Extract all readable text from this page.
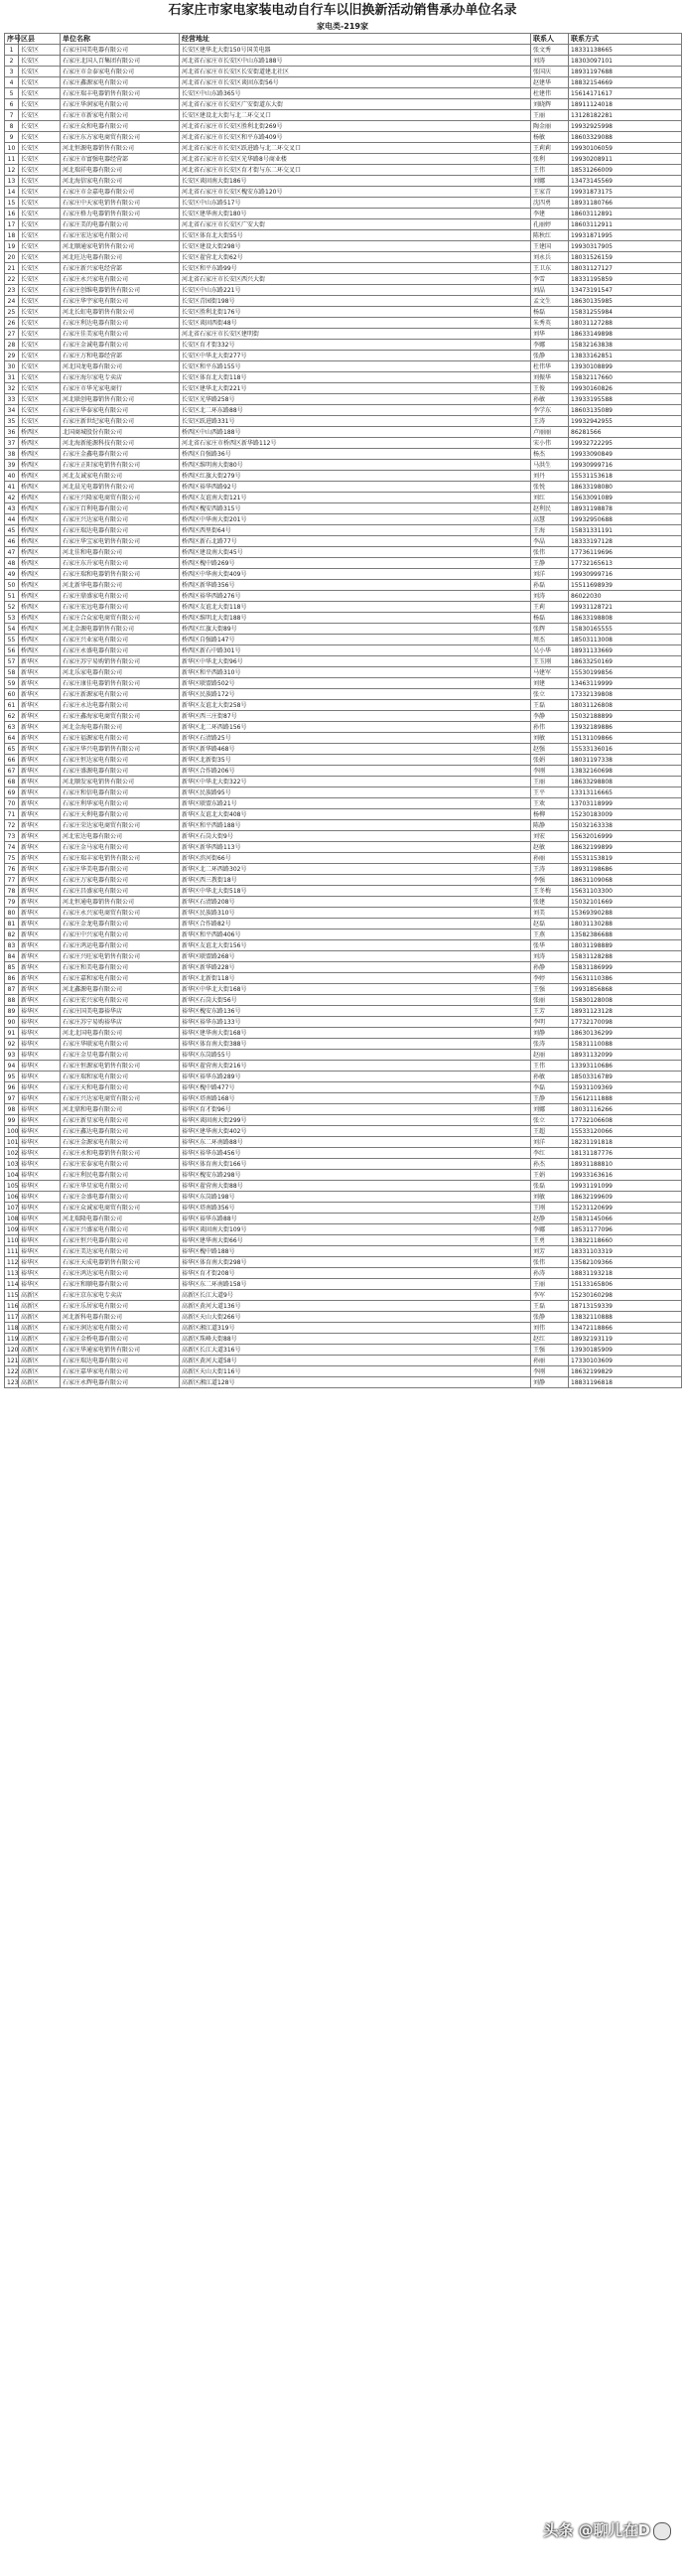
石家庄市家电家装电动自行车以旧换新活动销售承办单位名录
家电类-219家
序号	区县	单位名称	经营地址	联系人	联系方式
1	长安区	石家庄国美电器有限公司	长安区建华北大街150号国美电器	张文秀	18331138665
2	长安区	石家庄北国人百集团有限公司	河北省石家庄市长安区中山东路188号	刘涛	18303097101
3	长安区	石家庄市金泰家电有限公司	河北省石家庄市长安区长安街道建北社区	张国庆	18931197688
4	长安区	石家庄鑫源家电有限公司	河北省石家庄市长安区谈固东街56号	赵建华	18832154669
5	长安区	石家庄瑞丰电器销售有限公司	长安区中山东路365号	杜建伟	15614171617
6	长安区	石家庄华润家电有限公司	河北省石家庄市长安区广安街道东大街	刘晓辉	18911124018
7	长安区	石家庄市新家电有限公司	长安区建设北大街与北二环交叉口	王丽	13128182281
8	长安区	石家庄众和电器有限公司	河北省石家庄市长安区胜利北街269号	陶金丽	19932925998
9	长安区	石家庄东方家电商贸有限公司	河北省石家庄市长安区和平东路409号	杨敏	18603329088
10	长安区	河北恒源电器销售有限公司	河北省石家庄市长安区跃进路与北二环交叉口	王莉莉	19930106059
11	长安区	石家庄市富强电器经营部	河北省石家庄市长安区光华路8号商业楼	张利	19930208911
12	长安区	河北瑞祥电器有限公司	河北省石家庄市长安区育才街与东二环交叉口	王伟	18531266009
13	长安区	河北海信家电有限公司	长安区谈固南大街186号	刘娜	13473145569
14	长安区	石家庄市金嘉电器有限公司	河北省石家庄市长安区槐安东路120号	王家青	19931873175
15	长安区	石家庄中天家电销售有限公司	长安区中山东路517号	沈四勇	18931180766
16	长安区	石家庄格力电器销售有限公司	长安区建华南大街180号	李建	18603112891
17	长安区	石家庄美的电器有限公司	河北省石家庄市长安区广安大街	孔丽婷	18603112911
18	长安区	石家庄宏达家电有限公司	长安区体育北大街55号	陈秋红	19931871995
19	长安区	河北顺通家电销售有限公司	长安区建设大街298号	王建国	19930317905
20	长安区	河北旺达电器有限公司	长安区翟营北大街62号	刘永兵	18031526159
21	长安区	石家庄新兴家电经营部	长安区和平东路99号	王卫东	18031127127
22	长安区	石家庄永兴家电有限公司	河北省石家庄市长安区西兴大街	李雪	18331195859
23	长安区	石家庄创维电器销售有限公司	长安区中山东路221号	刘晶	13473191547
24	长安区	石家庄华宇家电有限公司	长安区青园街198号	孟文生	18630135985
25	长安区	河北长虹电器销售有限公司	长安区胜利北街176号	杨磊	15831255984
26	长安区	石家庄利达电器有限公司	长安区谈固西街48号	朱秀英	18031127288
27	长安区	石家庄佳美家电有限公司	河北省石家庄市长安区建明街	刘华	18633149898
28	长安区	石家庄金诚电器有限公司	长安区育才街332号	李娜	15832163838
29	长安区	石家庄万和电器经营部	长安区中华北大街277号	张静	13833162851
30	长安区	河北国龙电器有限公司	长安区和平东路155号	杜伟华	13930108899
31	长安区	石家庄海尔家电专卖店	长安区体育北大街118号	刘振华	15832117660
32	长安区	石家庄市华光家电商行	长安区建华北大街221号	王俊	19930160826
33	长安区	河北联创电器销售有限公司	长安区光华路258号	孙敏	13933195588
34	长安区	石家庄华泰家电有限公司	长安区北二环东路88号	李学东	18603135089
35	长安区	石家庄新世纪家电有限公司	长安区跃进路331号	王涛	19932942955
36	桥西区	北国商城股份有限公司	桥西区中山西路188号	卢丽丽	86281566
37	桥西区	河北海新能源科技有限公司	河北省石家庄市桥西区新华路112号	宋小伟	19932722295
38	桥西区	石家庄金鑫电器有限公司	桥西区自强路36号	杨杰	19933090849
39	桥西区	石家庄正阳家电销售有限公司	桥西区维明南大街80号	马洪生	19930999716
40	桥西区	河北友诚家电有限公司	桥西区红旗大街279号	刘丹	15531153618
41	桥西区	河北晨光电器销售有限公司	桥西区裕华西路92号	张悦	18633198080
42	桥西区	石家庄兴隆家电商贸有限公司	桥西区友谊南大街121号	刘红	15633091089
43	桥西区	石家庄百利电器有限公司	桥西区槐安西路315号	赵利民	18931198878
44	桥西区	石家庄兴达家电有限公司	桥西区中华南大街201号	高慧	19932950688
45	桥西区	石家庄瑞达电器有限公司	桥西区西里街64号	王海	15831331191
46	桥西区	石家庄华宝家电销售有限公司	桥西区新石北路77号	李晶	18333197128
47	桥西区	河北佳和电器有限公司	桥西区建设南大街45号	张伟	17736119696
48	桥西区	石家庄东升家电有限公司	桥西区槐中路269号	王静	17732165613
49	桥西区	石家庄瑞和电器销售有限公司	桥西区中华南大街409号	刘洋	19930999716
50	桥西区	河北新华电器有限公司	桥西区新华路356号	孙磊	15511698939
51	桥西区	石家庄鼎盛家电有限公司	桥西区裕华西路276号	刘涛	86022030
52	桥西区	石家庄宏远电器有限公司	桥西区友谊北大街118号	王莉	19931128721
53	桥西区	石家庄合众家电商贸有限公司	桥西区维明北大街188号	杨磊	18633198808
54	桥西区	河北金源电器销售有限公司	桥西区红旗大街89号	张辉	15830165555
55	桥西区	石家庄兴业家电有限公司	桥西区自强路147号	周杰	18503113008
56	桥西区	石家庄永盛电器有限公司	桥西区新石中路301号	吴小华	18931133669
57	新华区	石家庄苏宁易购销售有限公司	新华区中华北大街96号	王玉刚	18633250169
58	新华区	河北乐家电器有限公司	新华区和平西路310号	马建军	15530199856
59	新华区	石家庄康佳电器销售有限公司	新华区联盟路502号	刘建	13463119999
60	新华区	石家庄新源家电有限公司	新华区民族路172号	张立	17332139808
61	新华区	石家庄永达电器有限公司	新华区友谊北大街258号	王磊	18031126808
62	新华区	石家庄鑫海家电商贸有限公司	新华区西三庄街87号	李静	15032188899
63	新华区	河北金海电器有限公司	新华区北二环西路156号	孙伟	13932189886
64	新华区	石家庄福源家电有限公司	新华区石清路25号	刘敏	15131109866
65	新华区	石家庄华兴电器销售有限公司	新华区新华路468号	赵强	15533136016
66	新华区	石家庄恒达家电有限公司	新华区北新街35号	张娟	18031197338
67	新华区	石家庄盛源电器有限公司	新华区合作路206号	李刚	13832160698
68	新华区	河北顺发家电销售有限公司	新华区中华北大街322号	王丽	18633298808
69	新华区	石家庄和信电器有限公司	新华区民族路95号	王平	13313116665
70	新华区	石家庄利华家电有限公司	新华区联盟东路21号	王欢	13703118999
71	新华区	石家庄天利电器有限公司	新华区友谊北大街408号	杨柳	15230183009
72	新华区	石家庄荣达家电商贸有限公司	新华区和平西路188号	陈静	15032163338
73	新华区	河北宏达电器有限公司	新华区石岗大街9号	刘宏	15632016999
74	新华区	石家庄金马家电有限公司	新华区新华西路113号	赵敏	18632199899
75	新华区	石家庄瑞丰家电销售有限公司	新华区滨河街66号	孙丽	15531153819
76	新华区	石家庄华美电器有限公司	新华区北二环西路302号	王涛	18931198686
77	新华区	石家庄万家电器有限公司	新华区西三教街18号	李强	18631109068
78	新华区	石家庄昌盛家电有限公司	新华区中华北大街518号	王冬梅	15631103300
79	新华区	河北恒通电器销售有限公司	新华区石清路208号	张建	15032101669
80	新华区	石家庄永兴家电商贸有限公司	新华区民族路310号	刘美	15369390288
81	新华区	石家庄金龙电器有限公司	新华区合作路82号	赵磊	18031130288
82	新华区	石家庄中兴家电有限公司	新华区和平西路406号	王燕	13582386688
83	新华区	石家庄鸿运电器有限公司	新华区友谊北大街156号	张华	18031198889
84	新华区	石家庄兴旺家电销售有限公司	新华区联盟路268号	刘涛	15831128288
85	新华区	石家庄和美电器有限公司	新华区新华路228号	孙静	15831186999
86	新华区	石家庄嘉和家电有限公司	新华区北新街118号	李婷	15631110386
87	新华区	河北鑫源电器有限公司	新华区中华北大街168号	王强	19931856868
88	新华区	石家庄宏兴家电有限公司	新华区石岗大街56号	张丽	15830128008
89	裕华区	石家庄国美电器裕华店	裕华区槐安东路136号	王芳	18931123128
90	裕华区	石家庄苏宁易购裕华店	裕华区裕华东路133号	李明	17732170098
91	裕华区	河北北国电器有限公司	裕华区建华南大街168号	刘静	18630136299
92	裕华区	石家庄华联家电有限公司	裕华区体育南大街388号	张涛	15831110088
93	裕华区	石家庄金星电器有限公司	裕华区东岗路55号	赵丽	18931132099
94	裕华区	石家庄恒源家电销售有限公司	裕华区翟营南大街216号	王伟	13393110686
95	裕华区	石家庄瑞和家电有限公司	裕华区裕华东路289号	孙敏	18503316789
96	裕华区	石家庄天和电器有限公司	裕华区槐中路477号	李磊	15931109369
97	裕华区	石家庄兴达家电商贸有限公司	裕华区塔南路168号	王静	15612111888
98	裕华区	河北鼎和电器有限公司	裕华区育才街96号	刘娜	18031116266
99	裕华区	石家庄新星家电有限公司	裕华区谈固南大街299号	张立	17732106608
100	裕华区	石家庄鑫达电器有限公司	裕华区建华南大街402号	王超	15533120066
101	裕华区	石家庄金源家电有限公司	裕华区东二环南路88号	刘洋	18231191818
102	裕华区	石家庄永和电器销售有限公司	裕华区裕华东路456号	李红	18131187776
103	裕华区	石家庄宏泰家电有限公司	裕华区体育南大街166号	孙杰	18931188810
104	裕华区	石家庄利民电器有限公司	裕华区槐安东路298号	王娟	19933163616
105	裕华区	石家庄华星家电有限公司	裕华区翟营南大街88号	张磊	19931191099
106	裕华区	石家庄金盛电器有限公司	裕华区东岗路198号	刘敏	18632199609
107	裕华区	石家庄众诚家电商贸有限公司	裕华区塔南路356号	王刚	15231120699
108	裕华区	河北瑞隆电器有限公司	裕华区裕华东路88号	赵静	15831145066
109	裕华区	石家庄兴盛家电有限公司	裕华区谈固南大街109号	李娜	18531177096
110	裕华区	石家庄恒兴电器有限公司	裕华区建华南大街66号	王勇	13832118660
111	裕华区	石家庄美达家电有限公司	裕华区槐中路188号	刘芳	18331103319
112	裕华区	石家庄天成电器销售有限公司	裕华区体育南大街298号	张伟	13582109366
113	裕华区	石家庄鸿达家电有限公司	裕华区育才街208号	孙涛	18831193218
114	裕华区	石家庄和顺电器有限公司	裕华区东二环南路158号	王丽	15133165806
115	高新区	石家庄京东家电专卖店	高新区长江大道9号	李军	15230160298
116	高新区	石家庄乐居家电有限公司	高新区黄河大道136号	王磊	18713159339
117	高新区	河北新科电器有限公司	高新区天山大街266号	张静	13832110888
118	高新区	石家庄润达家电有限公司	高新区湘江道319号	刘伟	13472118866
119	高新区	石家庄金桥电器有限公司	高新区珠峰大街88号	赵红	18932193119
120	高新区	石家庄华通家电销售有限公司	高新区长江大道316号	王强	13930185909
121	高新区	石家庄瑞达电器有限公司	高新区黄河大道58号	孙丽	17330103609
122	高新区	石家庄嘉华家电有限公司	高新区天山大街116号	李刚	18632199829
123	高新区	石家庄永辉电器有限公司	高新区湘江道128号	刘静	18831196818
头条 @聊儿在D
